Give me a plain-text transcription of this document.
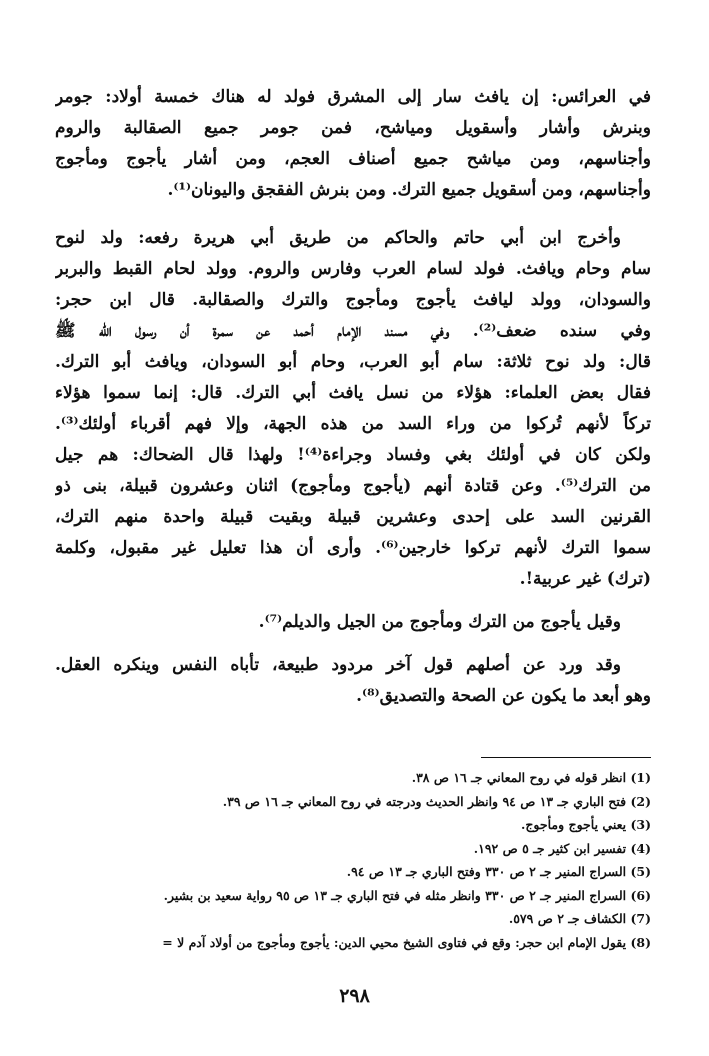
في العرائس: إن يافث سار إلى المشرق فولد له هناك خمسة أولاد: جومر
وبنرش وأشار وأسقويل ومياشح، فمن جومر جميع الصقالبة والروم
وأجناسهم، ومن مياشح جميع أصناف العجم، ومن أشار يأجوج ومأجوج
وأجناسهم، ومن أسقويل جميع الترك. ومن بنرش الفقجق واليونان⁽¹⁾.
وأخرج ابن أبي حاتم والحاكم من طريق أبي هريرة رفعه: ولد لنوح
سام وحام ويافث. فولد لسام العرب وفارس والروم. وولد لحام القبط والبربر
والسودان، وولد ليافث يأجوج ومأجوج والترك والصقالبة. قال ابن حجر:
وفي سنده ضعف⁽²⁾. وفي مسند الإمام أحمد عن سمرة أن رسول الله ﷺ
قال: ولد نوح ثلاثة: سام أبو العرب، وحام أبو السودان، ويافث أبو الترك.
فقال بعض العلماء: هؤلاء من نسل يافث أبي الترك. قال: إنما سموا هؤلاء
تركاً لأنهم تُركوا من وراء السد من هذه الجهة، وإلا فهم أقرباء أولئك⁽³⁾.
ولكن كان في أولئك بغي وفساد وجراءة⁽⁴⁾! ولهذا قال الضحاك: هم جيل
من الترك⁽⁵⁾. وعن قتادة أنهم (يأجوج ومأجوج) اثنان وعشرون قبيلة، بنى ذو
القرنين السد على إحدى وعشرين قبيلة وبقيت قبيلة واحدة منهم الترك،
سموا الترك لأنهم تركوا خارجين⁽⁶⁾. وأرى أن هذا تعليل غير مقبول، وكلمة
(ترك) غير عربية!.
وقيل يأجوج من الترك ومأجوج من الجيل والديلم⁽⁷⁾.
وقد ورد عن أصلهم قول آخر مردود طبيعة، تأباه النفس وينكره العقل.
وهو أبعد ما يكون عن الصحة والتصديق⁽⁸⁾.
(1) انظر قوله في روح المعاني جـ ١٦ ص ٣٨.
(2) فتح الباري جـ ١٣ ص ٩٤ وانظر الحديث ودرجته في روح المعاني جـ ١٦ ص ٣٩.
(3) يعني يأجوج ومأجوج.
(4) تفسير ابن كثير جـ ٥ ص ١٩٢.
(5) السراج المنير جـ ٢ ص ٣٣٠ وفتح الباري جـ ١٣ ص ٩٤.
(6) السراج المنير جـ ٢ ص ٣٣٠ وانظر مثله في فتح الباري جـ ١٣ ص ٩٥ رواية سعيد بن بشير.
(7) الكشاف جـ ٢ ص ٥٧٩.
(8) يقول الإمام ابن حجر: وقع في فتاوى الشيخ محيي الدين: يأجوج ومأجوج من أولاد آدم لا =
٢٩٨
